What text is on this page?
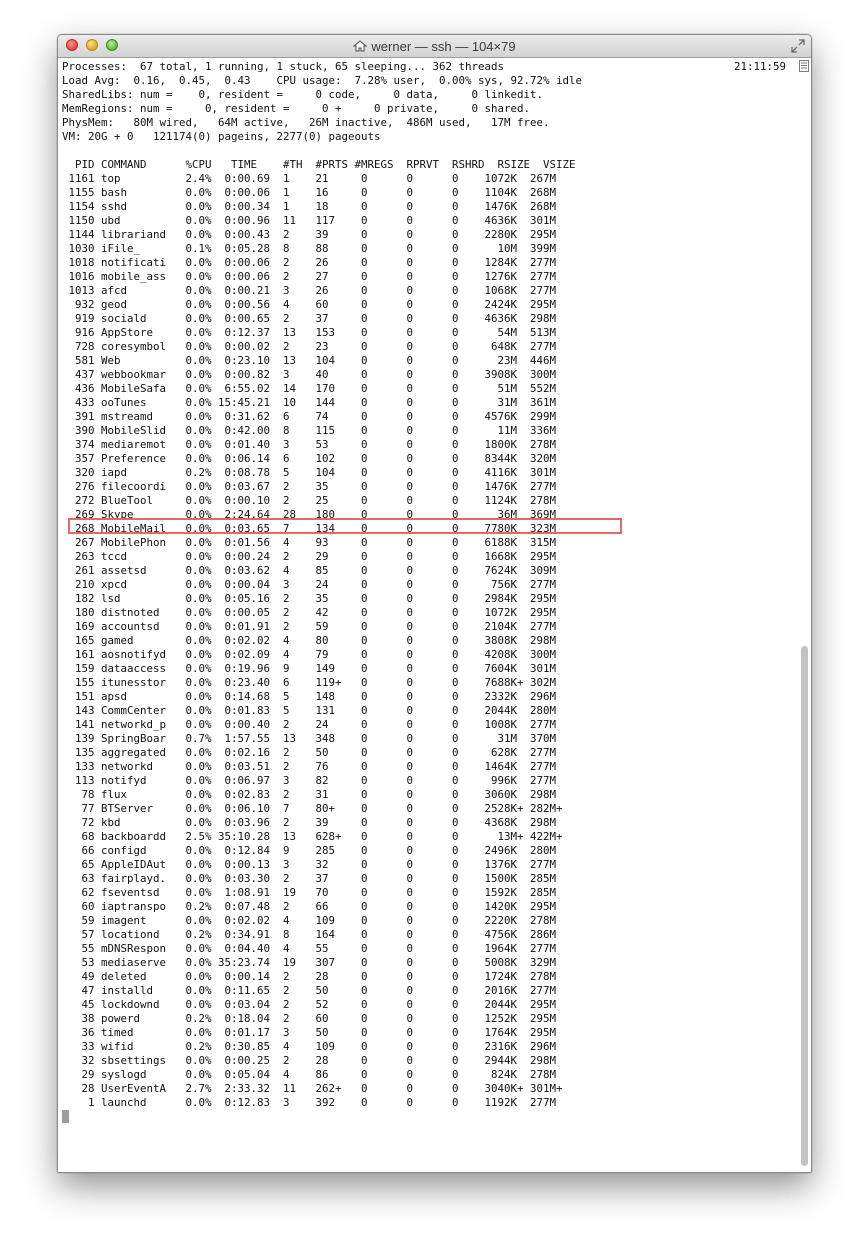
werner — ssh — 104×79
Processes:  67 total, 1 running, 1 stuck, 65 sleeping... 362 threads
Load Avg:  0.16,  0.45,  0.43    CPU usage:  7.28% user,  0.00% sys, 92.72% idle
SharedLibs: num =    0, resident =     0 code,     0 data,     0 linkedit.
MemRegions: num =     0, resident =     0 +     0 private,     0 shared.
PhysMem:   80M wired,   64M active,   26M inactive,  486M used,   17M free.
VM: 20G + 0   121174(0) pageins, 2277(0) pageouts
PID COMMAND      %CPU   TIME    #TH  #PRTS #MREGS  RPRVT  RSHRD  RSIZE  VSIZE
1161 top          2.4%  0:00.69  1    21     0      0      0    1072K  267M
1155 bash         0.0%  0:00.06  1    16     0      0      0    1104K  268M
1154 sshd         0.0%  0:00.34  1    18     0      0      0    1476K  268M
1150 ubd          0.0%  0:00.96  11   117    0      0      0    4636K  301M
1144 librariand   0.0%  0:00.43  2    39     0      0      0    2280K  295M
1030 iFile_       0.1%  0:05.28  8    88     0      0      0      10M  399M
1018 notificati   0.0%  0:00.06  2    26     0      0      0    1284K  277M
1016 mobile_ass   0.0%  0:00.06  2    27     0      0      0    1276K  277M
1013 afcd         0.0%  0:00.21  3    26     0      0      0    1068K  277M
932 geod         0.0%  0:00.56  4    60     0      0      0    2424K  295M
919 sociald      0.0%  0:00.65  2    37     0      0      0    4636K  298M
916 AppStore     0.0%  0:12.37  13   153    0      0      0      54M  513M
728 coresymbol   0.0%  0:00.02  2    23     0      0      0     648K  277M
581 Web          0.0%  0:23.10  13   104    0      0      0      23M  446M
437 webbookmar   0.0%  0:00.82  3    40     0      0      0    3908K  300M
436 MobileSafa   0.0%  6:55.02  14   170    0      0      0      51M  552M
433 ooTunes      0.0% 15:45.21  10   144    0      0      0      31M  361M
391 mstreamd     0.0%  0:31.62  6    74     0      0      0    4576K  299M
390 MobileSlid   0.0%  0:42.00  8    115    0      0      0      11M  336M
374 mediaremot   0.0%  0:01.40  3    53     0      0      0    1800K  278M
357 Preference   0.0%  0:06.14  6    102    0      0      0    8344K  320M
320 iapd         0.2%  0:08.78  5    104    0      0      0    4116K  301M
276 filecoordi   0.0%  0:03.67  2    35     0      0      0    1476K  277M
272 BlueTool     0.0%  0:00.10  2    25     0      0      0    1124K  278M
269 Skype        0.0%  2:24.64  28   180    0      0      0      36M  369M
268 MobileMail   0.0%  0:03.65  7    134    0      0      0    7780K  323M
267 MobilePhon   0.0%  0:01.56  4    93     0      0      0    6188K  315M
263 tccd         0.0%  0:00.24  2    29     0      0      0    1668K  295M
261 assetsd      0.0%  0:03.62  4    85     0      0      0    7624K  309M
210 xpcd         0.0%  0:00.04  3    24     0      0      0     756K  277M
182 lsd          0.0%  0:05.16  2    35     0      0      0    2984K  295M
180 distnoted    0.0%  0:00.05  2    42     0      0      0    1072K  295M
169 accountsd    0.0%  0:01.91  2    59     0      0      0    2104K  277M
165 gamed        0.0%  0:02.02  4    80     0      0      0    3808K  298M
161 aosnotifyd   0.0%  0:02.09  4    79     0      0      0    4208K  300M
159 dataaccess   0.0%  0:19.96  9    149    0      0      0    7604K  301M
155 itunesstor   0.0%  0:23.40  6    119+   0      0      0    7688K+ 302M
151 apsd         0.0%  0:14.68  5    148    0      0      0    2332K  296M
143 CommCenter   0.0%  0:01.83  5    131    0      0      0    2044K  280M
141 networkd_p   0.0%  0:00.40  2    24     0      0      0    1008K  277M
139 SpringBoar   0.7%  1:57.55  13   348    0      0      0      31M  370M
135 aggregated   0.0%  0:02.16  2    50     0      0      0     628K  277M
133 networkd     0.0%  0:03.51  2    76     0      0      0    1464K  277M
113 notifyd      0.0%  0:06.97  3    82     0      0      0     996K  277M
78 flux         0.0%  0:02.83  2    31     0      0      0    3060K  298M
77 BTServer     0.0%  0:06.10  7    80+    0      0      0    2528K+ 282M+
72 kbd          0.0%  0:03.96  2    39     0      0      0    4368K  298M
68 backboardd   2.5% 35:10.28  13   628+   0      0      0      13M+ 422M+
66 configd      0.0%  0:12.84  9    285    0      0      0    2496K  280M
65 AppleIDAut   0.0%  0:00.13  3    32     0      0      0    1376K  277M
63 fairplayd.   0.0%  0:03.30  2    37     0      0      0    1500K  285M
62 fseventsd    0.0%  1:08.91  19   70     0      0      0    1592K  285M
60 iaptranspo   0.2%  0:07.48  2    66     0      0      0    1420K  295M
59 imagent      0.0%  0:02.02  4    109    0      0      0    2220K  278M
57 locationd    0.2%  0:34.91  8    164    0      0      0    4756K  286M
55 mDNSRespon   0.0%  0:04.40  4    55     0      0      0    1964K  277M
53 mediaserve   0.0% 35:23.74  19   307    0      0      0    5008K  329M
49 deleted      0.0%  0:00.14  2    28     0      0      0    1724K  278M
47 installd     0.0%  0:11.65  2    50     0      0      0    2016K  277M
45 lockdownd    0.0%  0:03.04  2    52     0      0      0    2044K  295M
38 powerd       0.2%  0:18.04  2    60     0      0      0    1252K  295M
36 timed        0.0%  0:01.17  3    50     0      0      0    1764K  295M
33 wifid        0.2%  0:30.85  4    109    0      0      0    2316K  296M
32 sbsettings   0.0%  0:00.25  2    28     0      0      0    2944K  298M
29 syslogd      0.0%  0:05.04  4    86     0      0      0     824K  278M
28 UserEventA   2.7%  2:33.32  11   262+   0      0      0    3040K+ 301M+
1 launchd      0.0%  0:12.83  3    392    0      0      0    1192K  277M
21:11:59
